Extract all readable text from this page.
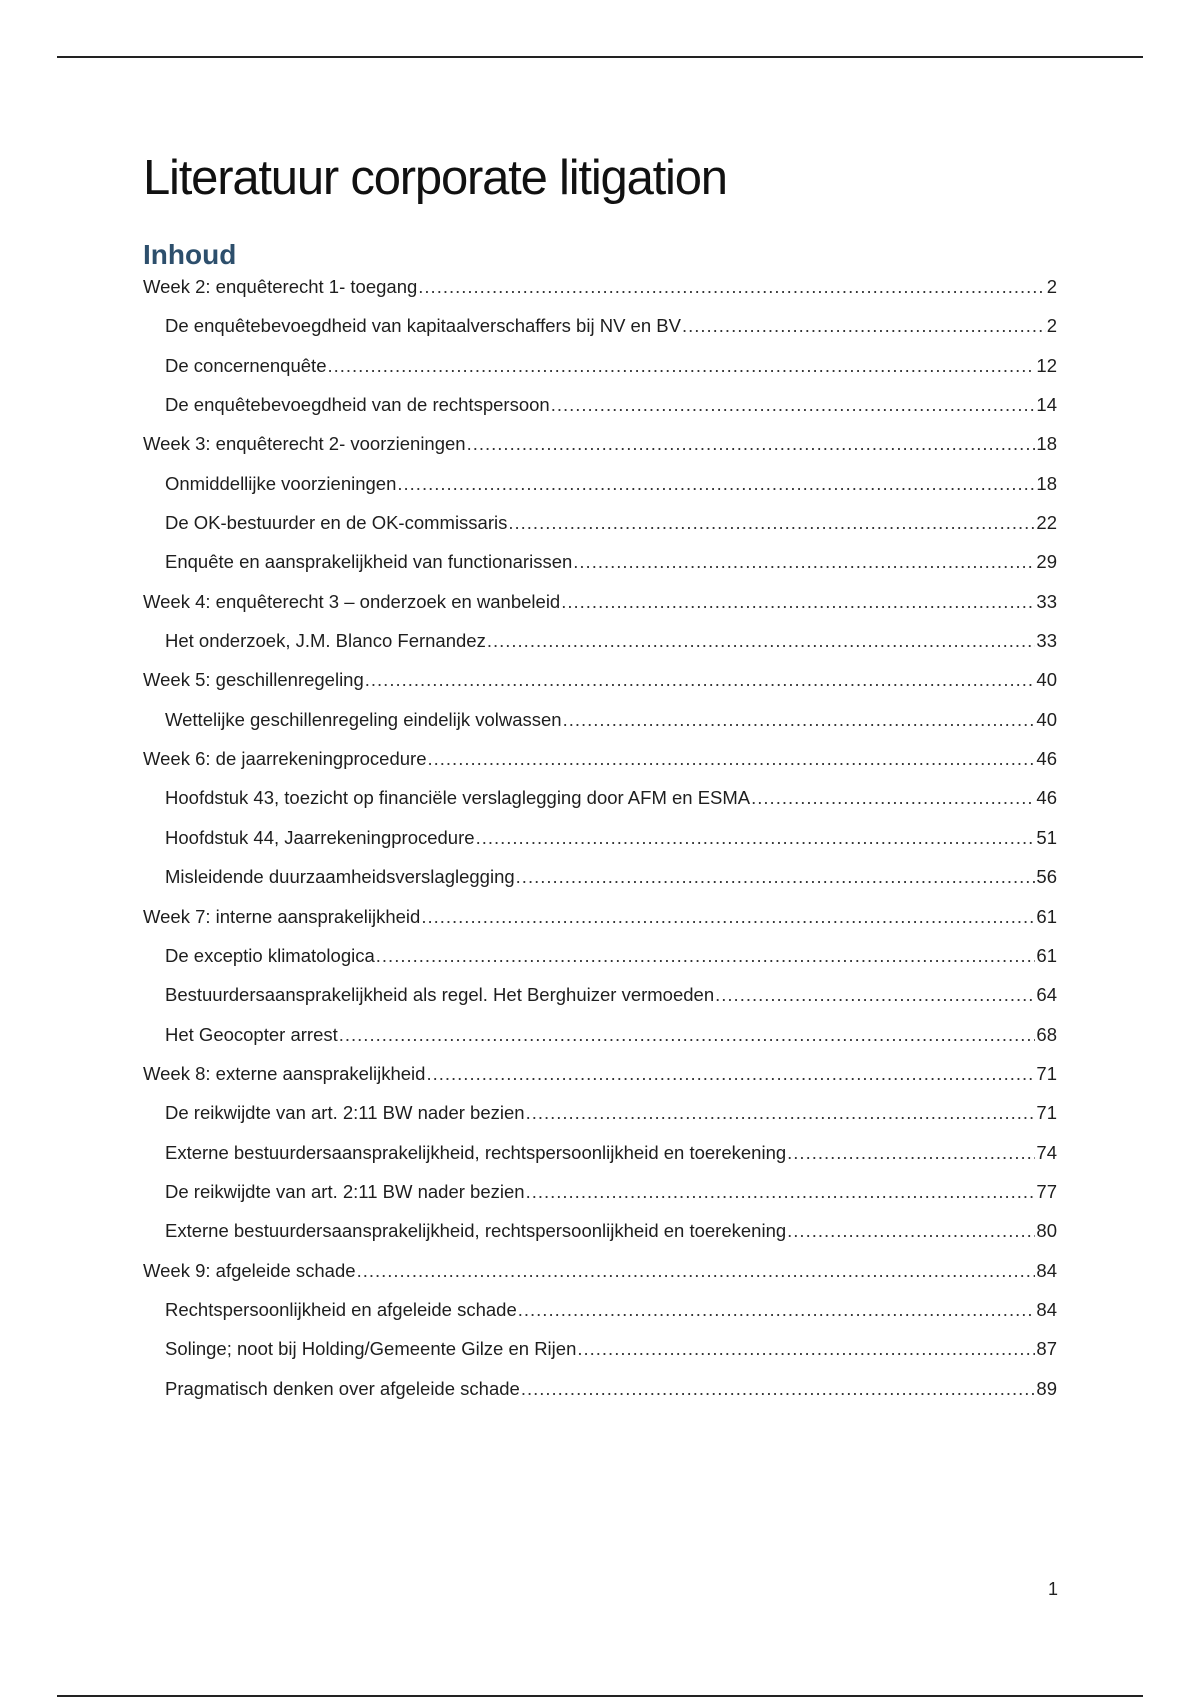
Literatuur corporate litigation
Inhoud
Week 2: enquêterecht 1- toegang .....	2
De enquêtebevoegdheid van kapitaalverschaffers bij NV en BV .....	2
De concernenquête .....	12
De enquêtebevoegdheid van de rechtspersoon .....	14
Week 3: enquêterecht 2- voorzieningen .....	18
Onmiddellijke voorzieningen .....	18
De OK-bestuurder en de OK-commissaris .....	22
Enquête en aansprakelijkheid van functionarissen .....	29
Week 4: enquêterecht 3 – onderzoek en wanbeleid .....	33
Het onderzoek, J.M. Blanco Fernandez .....	33
Week 5: geschillenregeling .....	40
Wettelijke geschillenregeling eindelijk volwassen .....	40
Week 6: de jaarrekeningprocedure .....	46
Hoofdstuk 43, toezicht op financiële verslaglegging door AFM en ESMA .....	46
Hoofdstuk 44, Jaarrekeningprocedure .....	51
Misleidende duurzaamheidsverslaglegging .....	56
Week 7: interne aansprakelijkheid .....	61
De exceptio klimatologica .....	61
Bestuurdersaansprakelijkheid als regel. Het Berghuizer vermoeden .....	64
Het Geocopter arrest .....	68
Week 8: externe aansprakelijkheid .....	71
De reikwijdte van art. 2:11 BW nader bezien .....	71
Externe bestuurdersaansprakelijkheid, rechtspersoonlijkheid en toerekening .....	74
De reikwijdte van art. 2:11 BW nader bezien .....	77
Externe bestuurdersaansprakelijkheid, rechtspersoonlijkheid en toerekening .....	80
Week 9: afgeleide schade .....	84
Rechtspersoonlijkheid en afgeleide schade .....	84
Solinge; noot bij Holding/Gemeente Gilze en Rijen .....	87
Pragmatisch denken over afgeleide schade .....	89
1
